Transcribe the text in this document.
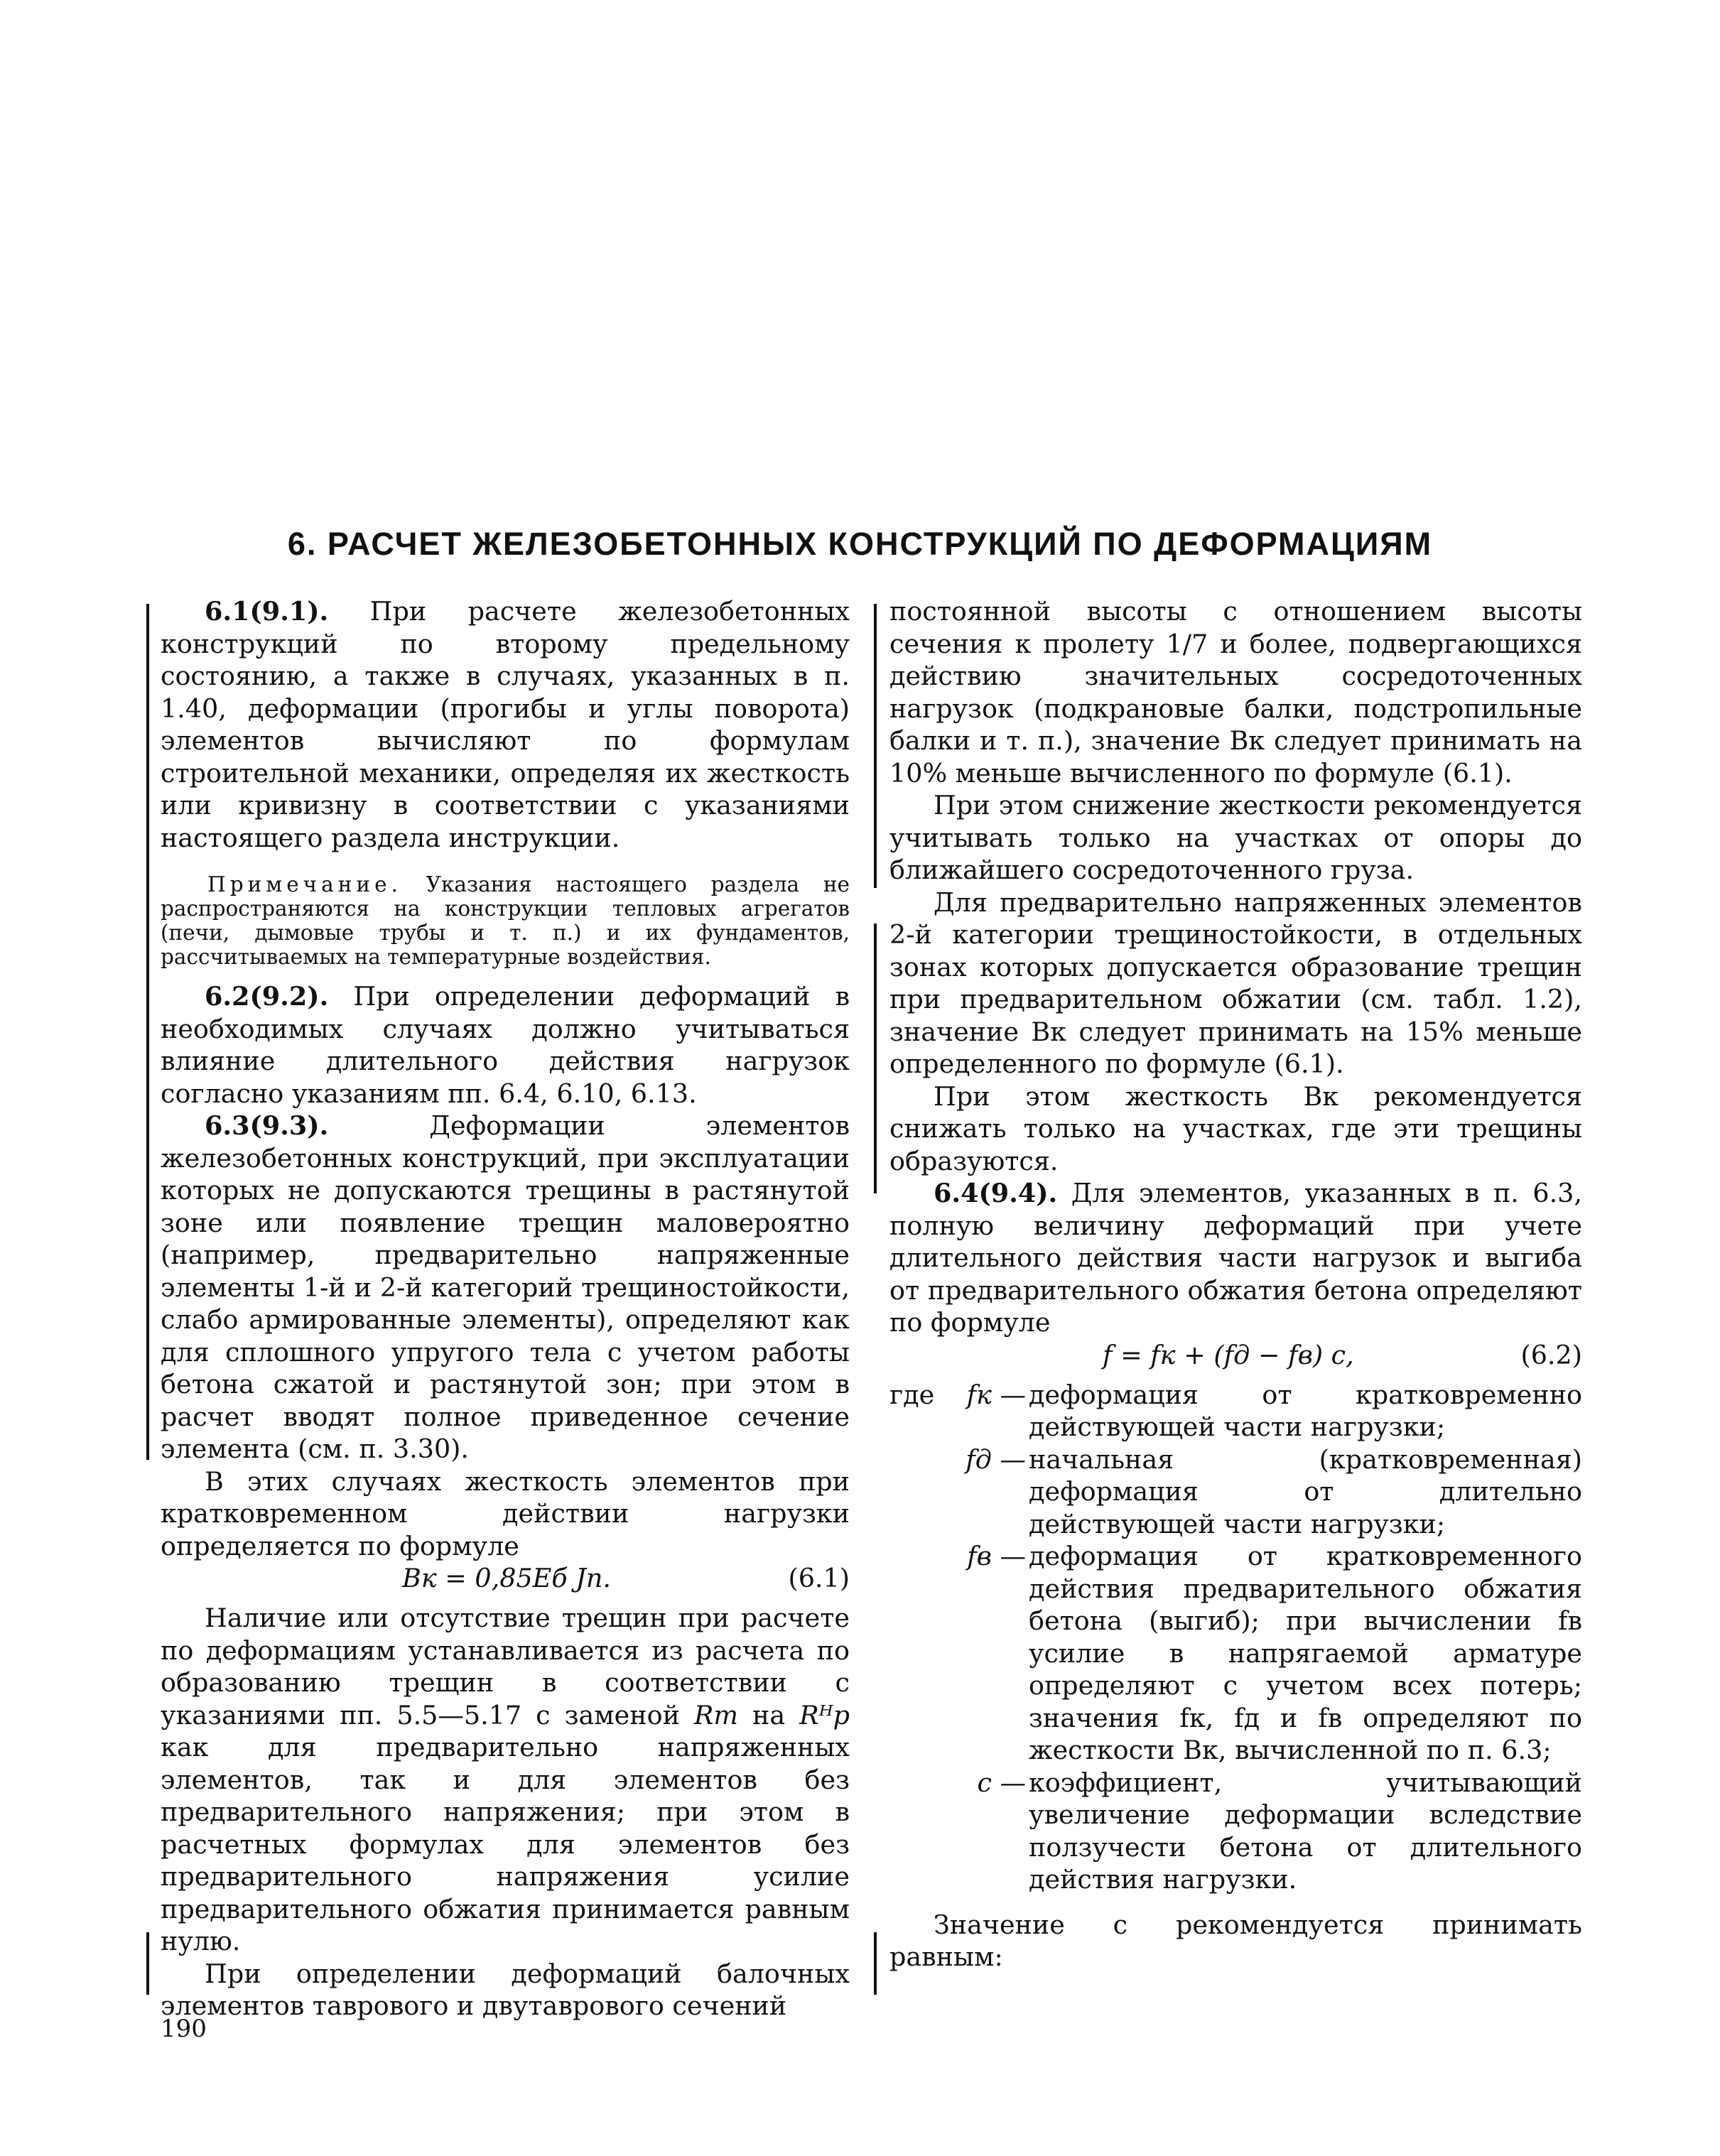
6. РАСЧЕТ ЖЕЛЕЗОБЕТОННЫХ КОНСТРУКЦИЙ ПО ДЕФОРМАЦИЯМ

6.1(9.1). При расчете железобетонных конструкций по второму предельному состоянию, а также в случаях, указанных в п. 1.40, деформации (прогибы и углы поворота) элементов вычисляют по формулам строительной механики, определяя их жесткость или кривизну в соответствии с указаниями настоящего раздела инструкции.

Примечание. Указания настоящего раздела не распространяются на конструкции тепловых агрегатов (печи, дымовые трубы и т. п.) и их фундаментов, рассчитываемых на температурные воздействия.

6.2(9.2). При определении деформаций в необходимых случаях должно учитываться влияние длительного действия нагрузок согласно указаниям пп. 6.4, 6.10, 6.13.

6.3(9.3).	Деформации элементов железобетонных конструкций, при эксплуатации которых не допускаются трещины в растянутой зоне или появление трещин маловероятно (например, предварительно напряженные элементы 1-й и 2-й категорий трещиностойкости, слабо армированные элементы), определяют как для сплошного упругого тела с учетом работы бетона сжатой и растянутой зон; при этом в расчет вводят полное приведенное сечение элемента (см. п. 3.30).

В этих случаях жесткость элементов при кратковременном действии нагрузки определяется по формуле

Bк = 0,85Eб Jп.	(6.1)

Наличие или отсутствие трещин при расчете по деформациям устанавливается из расчета по образованию трещин в соответствии с указаниями пп. 5.5—5.17 с заменой Rт на Rᴴр как для предварительно напряженных элементов, так и для элементов без предварительного напряжения; при этом в расчетных формулах для элементов без предварительного напряжения усилие предварительного обжатия принимается равным нулю.

При определении деформаций балочных элементов таврового и двутаврового сечений

постоянной высоты с отношением высоты сечения к пролету 1/7 и более, подвергающихся действию значительных сосредоточенных нагрузок (подкрановые балки, подстропильные балки и т. п.), значение Bк следует принимать на 10% меньше вычисленного по формуле (6.1).

При этом снижение жесткости рекомендуется учитывать только на участках от опоры до ближайшего сосредоточенного груза.

Для предварительно напряженных элементов 2-й категории трещиностойкости, в отдельных зонах которых допускается образование трещин при предварительном обжатии (см. табл. 1.2), значение Bк следует принимать на 15% меньше определенного по формуле (6.1).

При этом жесткость Bк рекомендуется снижать только на участках, где эти трещины образуются.

6.4(9.4). Для элементов, указанных в п. 6.3, полную величину деформаций при учете длительного действия части нагрузок и выгиба от предварительного обжатия бетона определяют по формуле

f = fк + (fд − fв) c,	(6.2)
где fк — деформация от кратковременно действующей части нагрузки;
fд — начальная (кратковременная) деформация от длительно действующей части нагрузки;
fв — деформация от кратковременного действия предварительного обжатия бетона (выгиб); при вычислении fв усилие в напрягаемой арматуре определяют с учетом всех потерь; значения fк, fд и fв определяют по жесткости Bк, вычисленной по п. 6.3;
c — коэффициент, учитывающий увеличение деформации вследствие ползучести бетона от длительного действия нагрузки.

Значение c рекомендуется принимать равным:

190
